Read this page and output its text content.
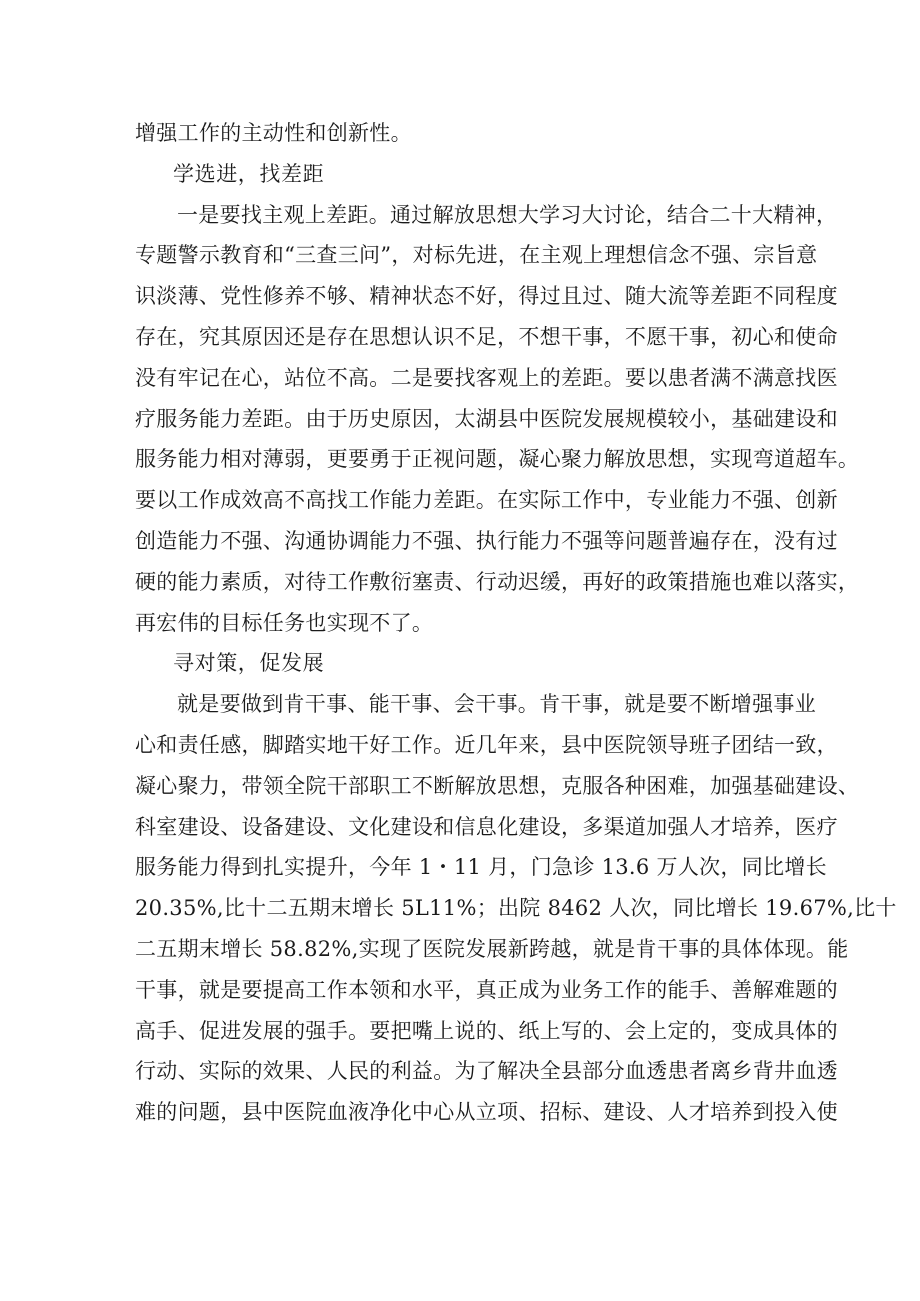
增强工作的主动性和创新性。
学选进，找差距
一是要找主观上差距。通过解放思想大学习大讨论，结合二十大精神，
专题警示教育和“三查三问”，对标先进，在主观上理想信念不强、宗旨意
识淡薄、党性修养不够、精神状态不好，得过且过、随大流等差距不同程度
存在，究其原因还是存在思想认识不足，不想干事，不愿干事，初心和使命
没有牢记在心，站位不高。二是要找客观上的差距。要以患者满不满意找医
疗服务能力差距。由于历史原因，太湖县中医院发展规模较小，基础建设和
服务能力相对薄弱，更要勇于正视问题，凝心聚力解放思想，实现弯道超车。
要以工作成效高不高找工作能力差距。在实际工作中，专业能力不强、创新
创造能力不强、沟通协调能力不强、执行能力不强等问题普遍存在，没有过
硬的能力素质，对待工作敷衍塞责、行动迟缓，再好的政策措施也难以落实，
再宏伟的目标任务也实现不了。
寻对策，促发展
就是要做到肯干事、能干事、会干事。肯干事，就是要不断增强事业
心和责任感，脚踏实地干好工作。近几年来，县中医院领导班子团结一致，
凝心聚力，带领全院干部职工不断解放思想，克服各种困难，加强基础建设、
科室建设、设备建设、文化建设和信息化建设，多渠道加强人才培养，医疗
服务能力得到扎实提升，今年 1・11 月，门急诊 13.6 万人次，同比增长
20.35%,比十二五期末增长 5L11%；出院 8462 人次，同比增长 19.67%,比十
二五期末增长 58.82%,实现了医院发展新跨越，就是肯干事的具体体现。能
干事，就是要提高工作本领和水平，真正成为业务工作的能手、善解难题的
高手、促进发展的强手。要把嘴上说的、纸上写的、会上定的，变成具体的
行动、实际的效果、人民的利益。为了解决全县部分血透患者离乡背井血透
难的问题，县中医院血液净化中心从立项、招标、建设、人才培养到投入使
